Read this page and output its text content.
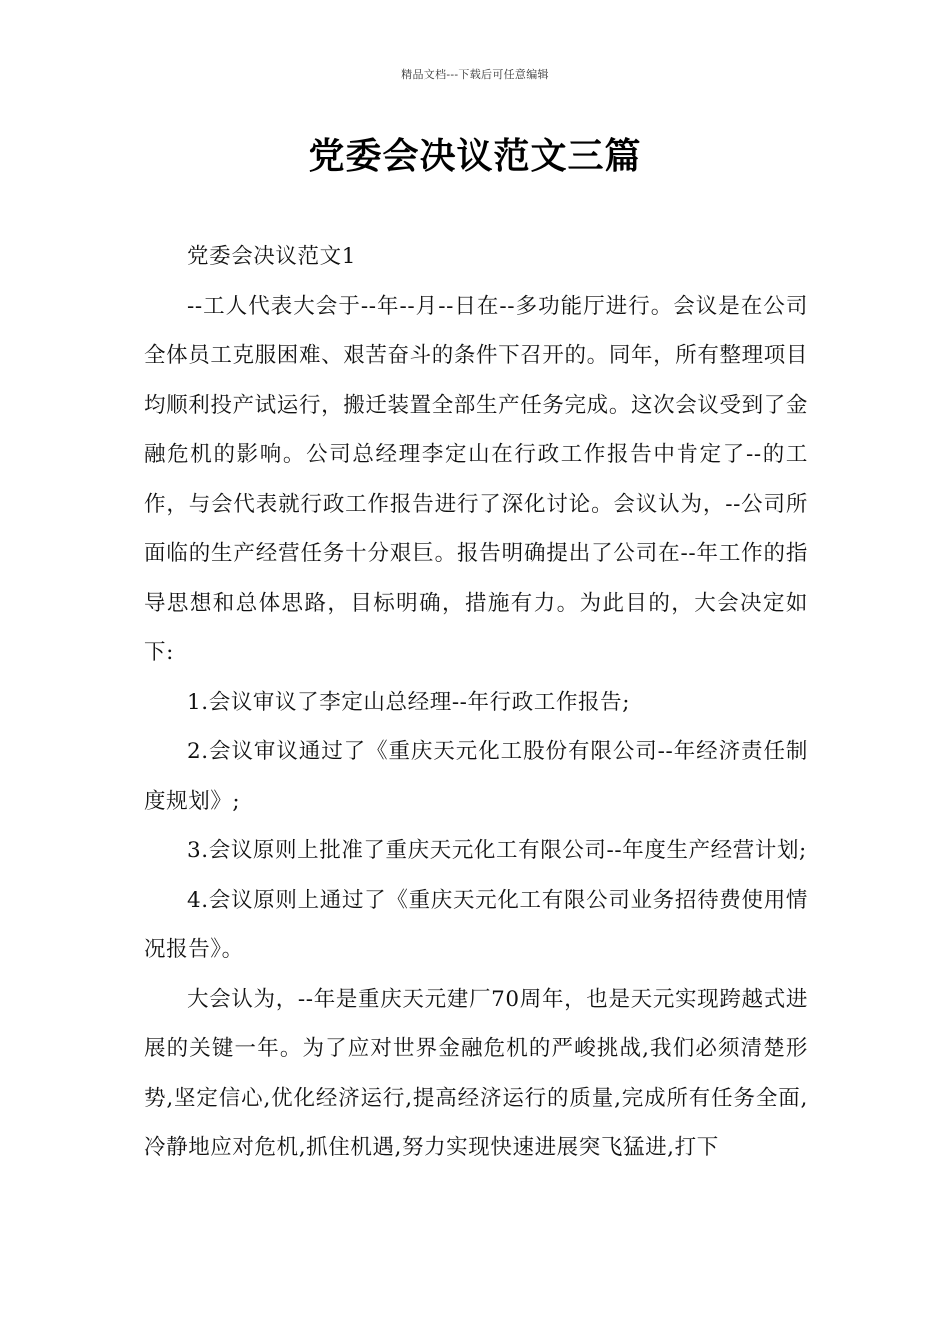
精品文档---下载后可任意编辑
党委会决议范文三篇

党委会决议范文1

--工人代表大会于--年--月--日在--多功能厅进行。会议是在公司全体员工克服困难、艰苦奋斗的条件下召开的。同年，所有整理项目均顺利投产试运行，搬迁装置全部生产任务完成。这次会议受到了金融危机的影响。公司总经理李定山在行政工作报告中肯定了--的工作，与会代表就行政工作报告进行了深化讨论。会议认为，--公司所面临的生产经营任务十分艰巨。报告明确提出了公司在--年工作的指导思想和总体思路，目标明确，措施有力。为此目的，大会决定如下:

1.会议审议了李定山总经理--年行政工作报告;

2.会议审议通过了《重庆天元化工股份有限公司--年经济责任制度规划》;

3.会议原则上批准了重庆天元化工有限公司--年度生产经营计划;

4.会议原则上通过了《重庆天元化工有限公司业务招待费使用情况报告》。

大会认为，--年是重庆天元建厂70周年，也是天元实现跨越式进展的关键一年。为了应对世界金融危机的严峻挑战,我们必须清楚形势,坚定信心,优化经济运行,提高经济运行的质量,完成所有任务全面,冷静地应对危机,抓住机遇,努力实现快速进展突飞猛进,打下
